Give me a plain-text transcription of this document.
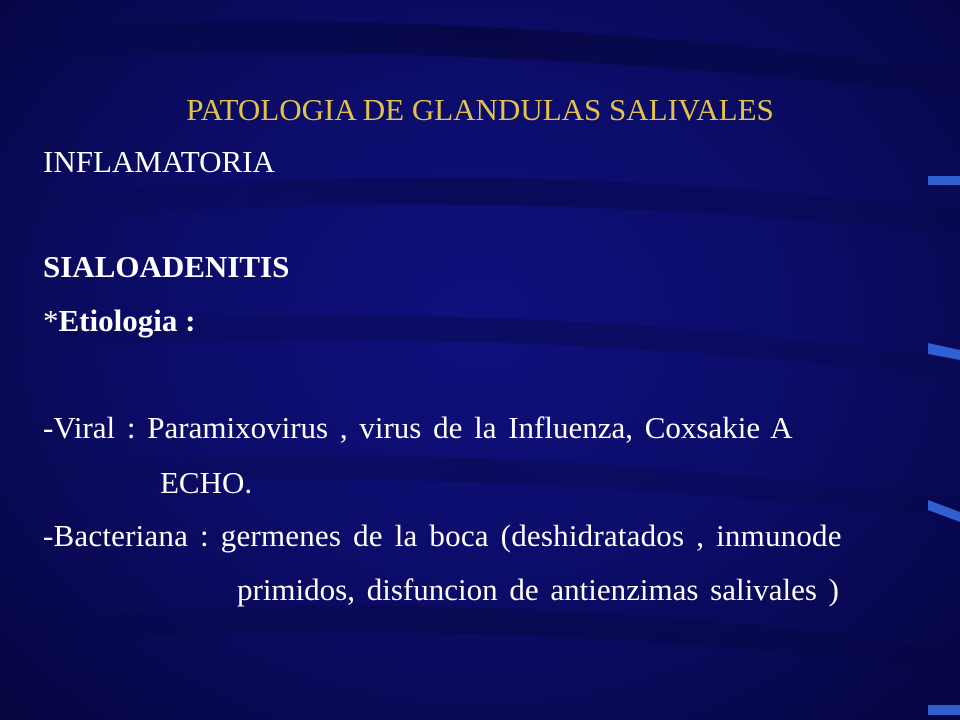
PATOLOGIA DE GLANDULAS SALIVALES

INFLAMATORIA

SIALOADENITIS

*Etiologia :

-Viral : Paramixovirus , virus de la Influenza, Coxsakie A

ECHO.

-Bacteriana : germenes de la boca (deshidratados , inmunode

primidos, disfuncion de antienzimas salivales )
